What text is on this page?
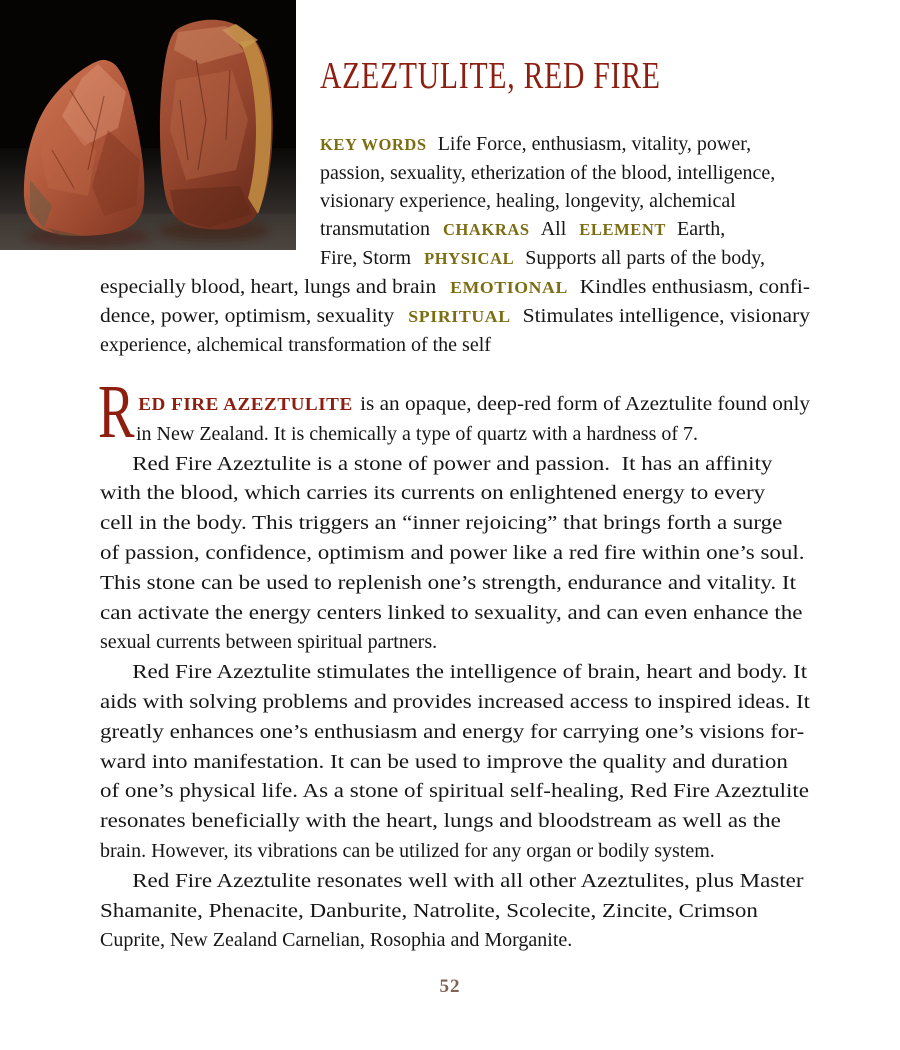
AZEZTULITE, RED FIRE
KEY WORDS Life Force, enthusiasm, vitality, power,
passion, sexuality, etherization of the blood, intelligence,
visionary experience, healing, longevity, alchemical
transmutation CHAKRAS All ELEMENT Earth,
Fire, Storm PHYSICAL Supports all parts of the body,
especially blood, heart, lungs and brain EMOTIONAL Kindles enthusiasm, confi-
dence, power, optimism, sexuality SPIRITUAL Stimulates intelligence, visionary
experience, alchemical transformation of the self
R ED FIRE AZEZTULITE is an opaque, deep-red form of Azeztulite found only
in New Zealand. It is chemically a type of quartz with a hardness of 7.
Red Fire Azeztulite is a stone of power and passion.  It has an affinity
with the blood, which carries its currents on enlightened energy to every
cell in the body. This triggers an “inner rejoicing” that brings forth a surge
of passion, confidence, optimism and power like a red fire within one’s soul.
This stone can be used to replenish one’s strength, endurance and vitality. It
can activate the energy centers linked to sexuality, and can even enhance the
sexual currents between spiritual partners.
Red Fire Azeztulite stimulates the intelligence of brain, heart and body. It
aids with solving problems and provides increased access to inspired ideas. It
greatly enhances one’s enthusiasm and energy for carrying one’s visions for-
ward into manifestation. It can be used to improve the quality and duration
of one’s physical life. As a stone of spiritual self-healing, Red Fire Azeztulite
resonates beneficially with the heart, lungs and bloodstream as well as the
brain. However, its vibrations can be utilized for any organ or bodily system.
Red Fire Azeztulite resonates well with all other Azeztulites, plus Master
Shamanite, Phenacite, Danburite, Natrolite, Scolecite, Zincite, Crimson
Cuprite, New Zealand Carnelian, Rosophia and Morganite.
52
